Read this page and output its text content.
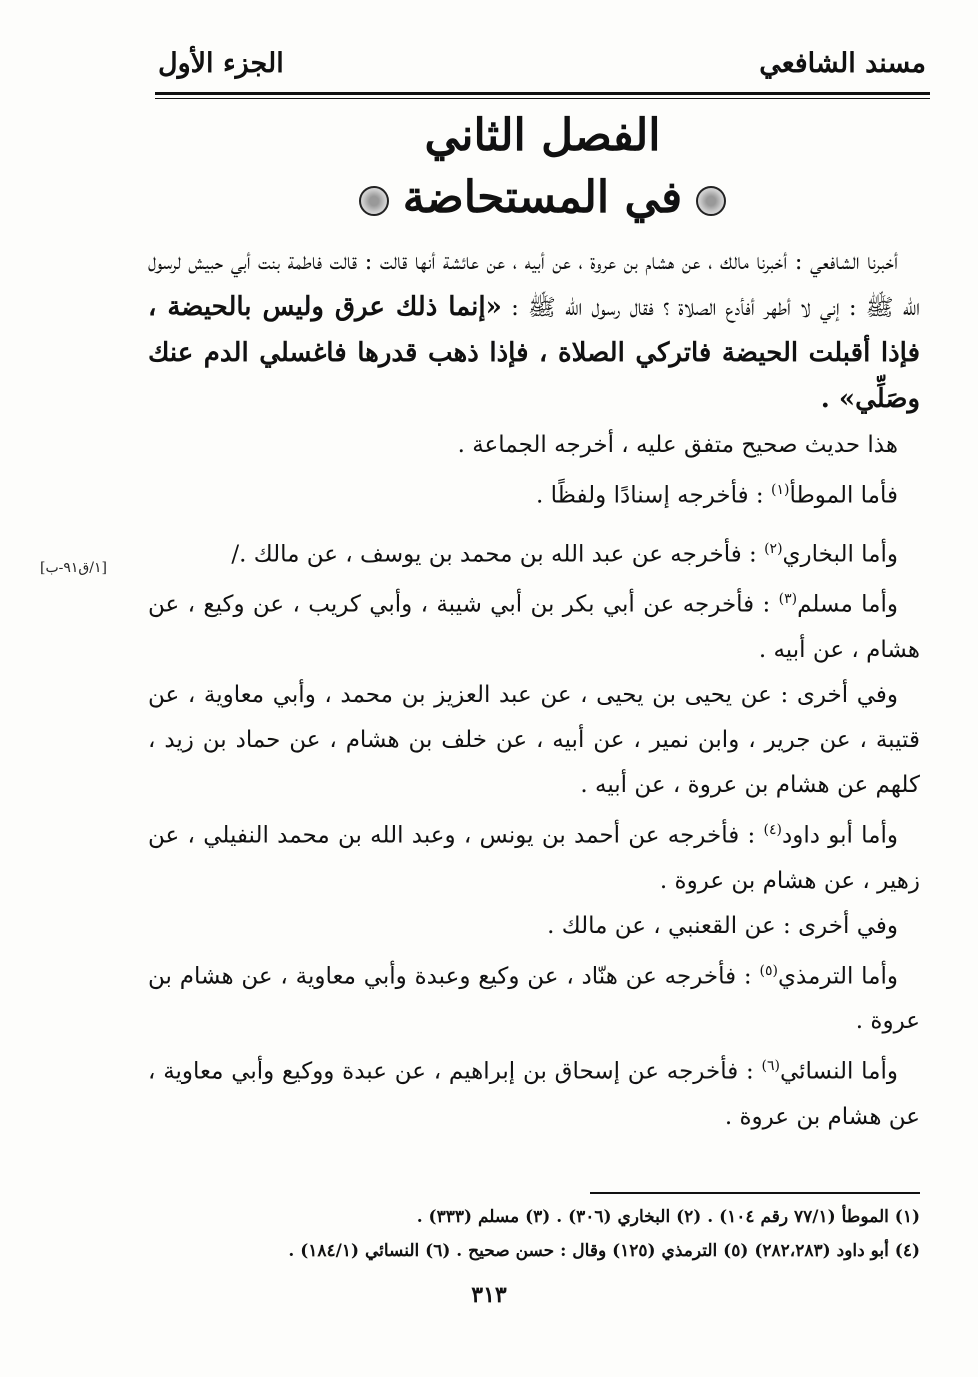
مسند الشافعي
الجزء الأول
الفصل الثاني
في المستحاضة

أخبرنا الشافعي : أخبرنا مالك ، عن هشام بن عروة ، عن أبيه ، عن عائشة أنها قالت : قالت فاطمة بنت أبي حبيش لرسول الله ﷺ : إني لا أطهر أفأدع الصلاة ؟ فقال رسول الله ﷺ : «إنما ذلك عرق وليس بالحيضة ، فإذا أقبلت الحيضة فاتركي الصلاة ، فإذا ذهب قدرها فاغسلي الدم عنك وصَلِّي» .

هذا حديث صحيح متفق عليه ، أخرجه الجماعة .

فأما الموطأ$^{(١)}$ : فأخرجه إسنادًا ولفظًا .

وأما البخاري$^{(٢)}$ : فأخرجه عن عبد الله بن محمد بن يوسف ، عن مالك ./

وأما مسلم$^{(٣)}$ : فأخرجه عن أبي بكر بن أبي شيبة ، وأبي كريب ، عن وكيع ، عن هشام ، عن أبيه .

وفي أخرى : عن يحيى بن يحيى ، عن عبد العزيز بن محمد ، وأبي معاوية ، عن قتيبة ، عن جرير ، وابن نمير ، عن أبيه ، عن خلف بن هشام ، عن حماد بن زيد ، كلهم عن هشام بن عروة ، عن أبيه .

وأما أبو داود$^{(٤)}$ : فأخرجه عن أحمد بن يونس ، وعبد الله بن محمد النفيلي ، عن زهير ، عن هشام بن عروة .

وفي أخرى : عن القعنبي ، عن مالك .

وأما الترمذي$^{(٥)}$ : فأخرجه عن هنّاد ، عن وكيع وعبدة وأبي معاوية ، عن هشام بن عروة .

وأما النسائي$^{(٦)}$ : فأخرجه عن إسحاق بن إبراهيم ، عن عبدة ووكيع وأبي معاوية ، عن هشام بن عروة .

[١/ق٩١-ب]

(١) الموطأ (٧٧/١ رقم ١٠٤) . (٢) البخاري (٣٠٦) . (٣) مسلم (٣٣٣) .

(٤) أبو داود (٢٨٢،٢٨٣) (٥) الترمذي (١٢٥) وقال : حسن صحيح . (٦) النسائي (١٨٤/١) .

٣١٣
